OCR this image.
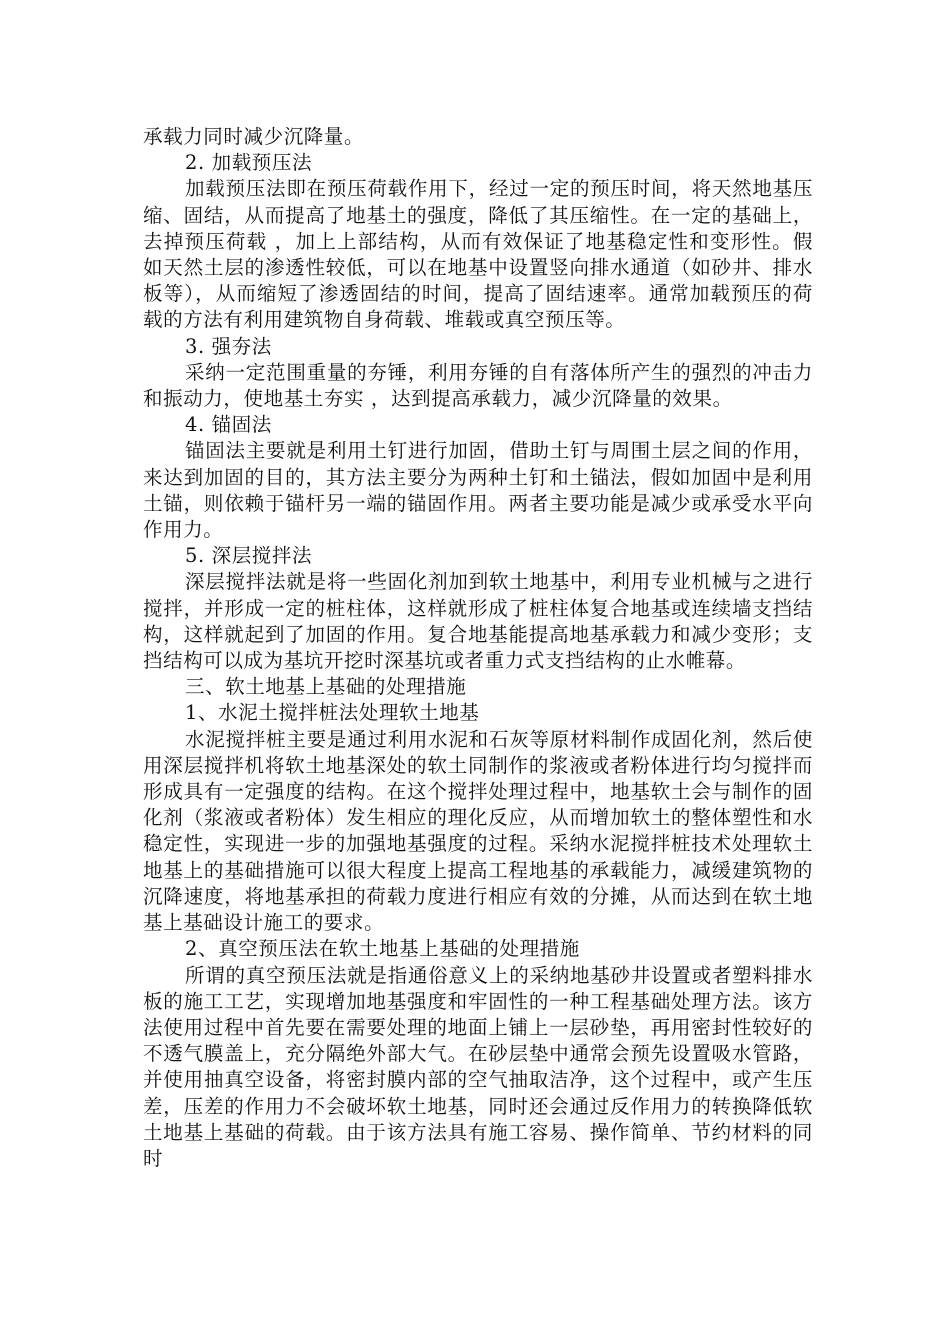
承载力同时减少沉降量。

2. 加载预压法

加载预压法即在预压荷载作用下，经过一定的预压时间，将天然地基压缩、固结，从而提高了地基土的强度，降低了其压缩性。在一定的基础上，去掉预压荷载 ，加上上部结构，从而有效保证了地基稳定性和变形性。假如天然土层的渗透性较低，可以在地基中设置竖向排水通道（如砂井、排水板等），从而缩短了渗透固结的时间，提高了固结速率。通常加载预压的荷载的方法有利用建筑物自身荷载、堆载或真空预压等。

3. 强夯法

采纳一定范围重量的夯锤，利用夯锤的自有落体所产生的强烈的冲击力和振动力，使地基土夯实 ，达到提高承载力，减少沉降量的效果。

4. 锚固法

锚固法主要就是利用土钉进行加固，借助土钉与周围土层之间的作用，来达到加固的目的，其方法主要分为两种土钉和土锚法，假如加固中是利用土锚，则依赖于锚杆另一端的锚固作用。两者主要功能是减少或承受水平向作用力。

5. 深层搅拌法

深层搅拌法就是将一些固化剂加到软土地基中，利用专业机械与之进行搅拌，并形成一定的桩柱体，这样就形成了桩柱体复合地基或连续墙支挡结构，这样就起到了加固的作用。复合地基能提高地基承载力和减少变形；支挡结构可以成为基坑开挖时深基坑或者重力式支挡结构的止水帷幕。

三、软土地基上基础的处理措施

1、水泥土搅拌桩法处理软土地基

水泥搅拌桩主要是通过利用水泥和石灰等原材料制作成固化剂，然后使用深层搅拌机将软土地基深处的软土同制作的浆液或者粉体进行均匀搅拌而形成具有一定强度的结构。在这个搅拌处理过程中，地基软土会与制作的固化剂（浆液或者粉体）发生相应的理化反应，从而增加软土的整体塑性和水稳定性，实现进一步的加强地基强度的过程。采纳水泥搅拌桩技术处理软土地基上的基础措施可以很大程度上提高工程地基的承载能力，减缓建筑物的沉降速度，将地基承担的荷载力度进行相应有效的分摊，从而达到在软土地基上基础设计施工的要求。

2、真空预压法在软土地基上基础的处理措施

所谓的真空预压法就是指通俗意义上的采纳地基砂井设置或者塑料排水板的施工工艺，实现增加地基强度和牢固性的一种工程基础处理方法。该方法使用过程中首先要在需要处理的地面上铺上一层砂垫，再用密封性较好的不透气膜盖上，充分隔绝外部大气。在砂层垫中通常会预先设置吸水管路，并使用抽真空设备，将密封膜内部的空气抽取洁净，这个过程中，或产生压差，压差的作用力不会破坏软土地基，同时还会通过反作用力的转换降低软土地基上基础的荷载。由于该方法具有施工容易、操作简单、节约材料的同时
